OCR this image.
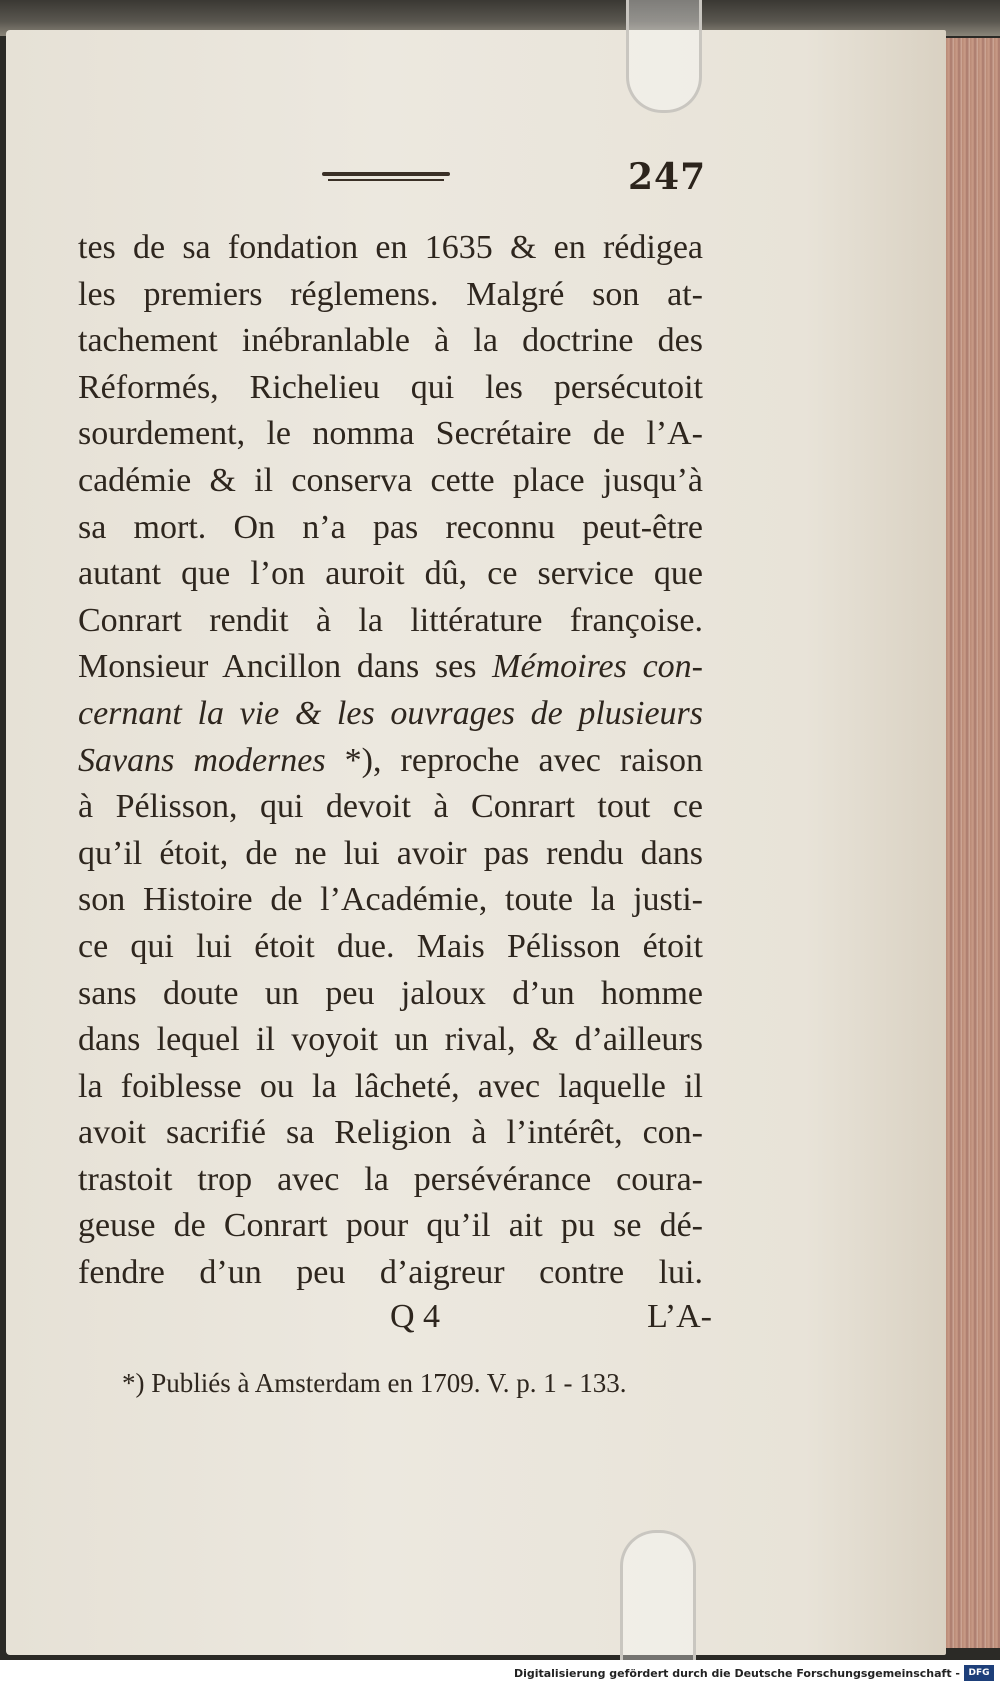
247
tes de sa fondation en 1635 & en rédigea
les premiers réglemens. Malgré son at-
tachement inébranlable à la doctrine des
Réformés, Richelieu qui les persécutoit
sourdement, le nomma Secrétaire de l’A-
cadémie & il conserva cette place jusqu’à
sa mort. On n’a pas reconnu peut-être
autant que l’on auroit dû, ce service que
Conrart rendit à la littérature françoise.
Monsieur Ancillon dans ses Mémoires con-
cernant la vie & les ouvrages de plusieurs
Savans modernes *), reproche avec raison
à Pélisson, qui devoit à Conrart tout ce
qu’il étoit, de ne lui avoir pas rendu dans
son Histoire de l’Académie, toute la justi-
ce qui lui étoit due. Mais Pélisson étoit
sans doute un peu jaloux d’un homme
dans lequel il voyoit un rival, & d’ailleurs
la foiblesse ou la lâcheté, avec laquelle il
avoit sacrifié sa Religion à l’intérêt, con-
trastoit trop avec la persévérance coura-
geuse de Conrart pour qu’il ait pu se dé-
fendre d’un peu d’aigreur contre lui.
Q 4	L’A-
*) Publiés à Amsterdam en 1709. V. p. 1 - 133.
Digitalisierung gefördert durch die Deutsche Forschungsgemeinschaft - DFG
